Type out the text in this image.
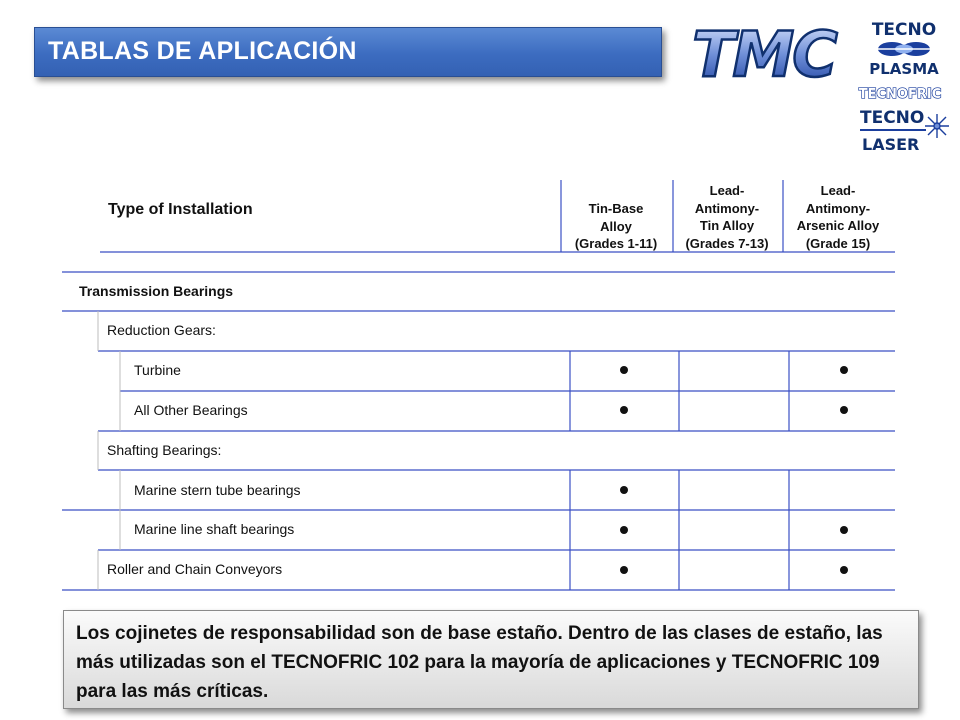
TABLAS DE APLICACIÓN	TMC TECNO
PLASMA
TECNOFRIC
TECNO
LASER
Type of Installation	Tin-Base
Alloy
(Grades 1-11)
Lead-
Antimony-
Tin Alloy
(Grades 7-13)
Lead-
Antimony-
Arsenic Alloy
(Grade 15)
Transmission Bearings
Reduction Gears:
Turbine
All Other Bearings
Shafting Bearings:
Marine stern tube bearings
Marine line shaft bearings
Roller and Chain Conveyors
Los cojinetes de responsabilidad son de base estaño. Dentro de las clases de estaño, las más utilizadas son el TECNOFRIC 102 para la mayoría de aplicaciones y TECNOFRIC 109 para las más críticas.
